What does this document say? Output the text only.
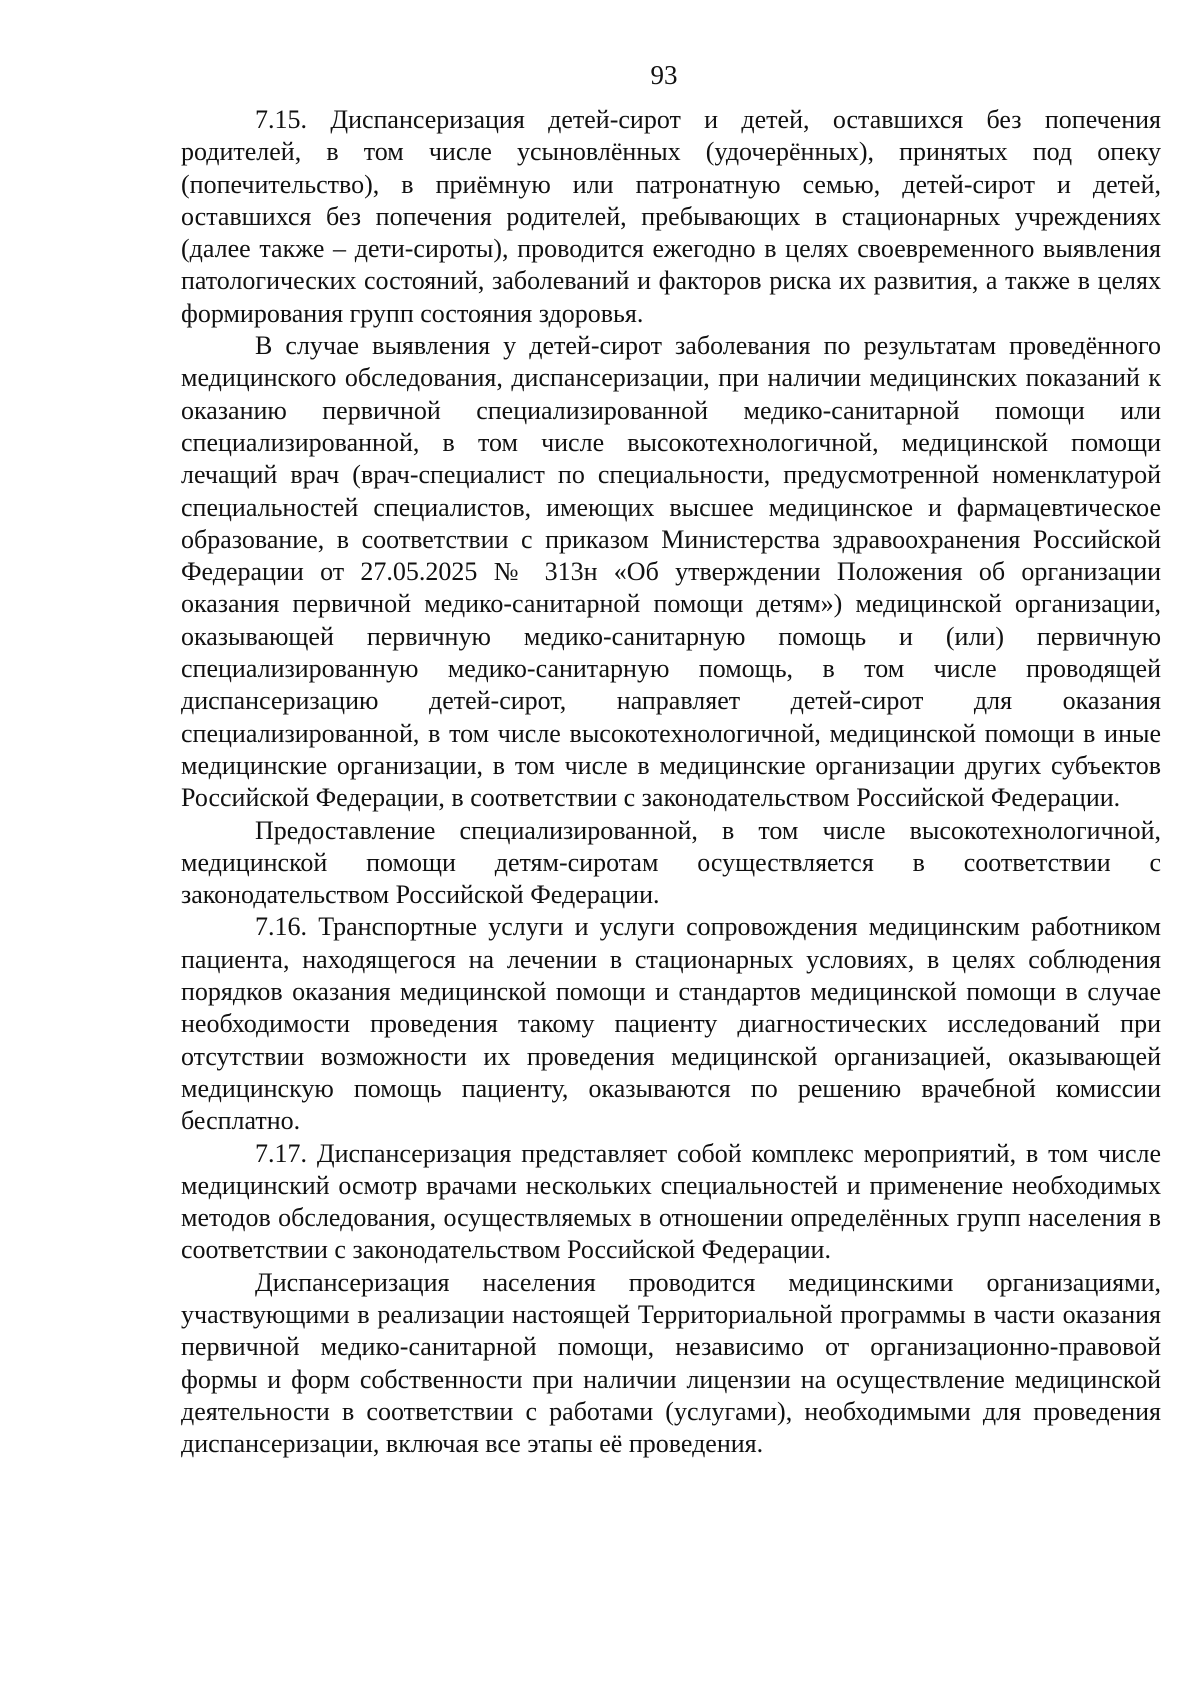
93

7.15. Диспансеризация детей-сирот и детей, оставшихся без попечения родителей, в том числе усыновлённых (удочерённых), принятых под опеку (попечительство), в приёмную или патронатную семью, детей-сирот и детей, оставшихся без попечения родителей, пребывающих в стационарных учреждениях (далее также – дети-сироты), проводится ежегодно в целях своевременного выявления патологических состояний, заболеваний и факторов риска их развития, а также в целях формирования групп состояния здоровья.

В случае выявления у детей-сирот заболевания по результатам проведённого медицинского обследования, диспансеризации, при наличии медицинских показаний к оказанию первичной специализированной медико-санитарной помощи или специализированной, в том числе высокотехнологичной, медицинской помощи лечащий врач (врач-специалист по специальности, предусмотренной номенклатурой специальностей специалистов, имеющих высшее медицинское и фармацевтическое образование, в соответствии с приказом Министерства здравоохранения Российской Федерации от 27.05.2025 № 313н «Об утверждении Положения об организации оказания первичной медико-санитарной помощи детям») медицинской организации, оказывающей первичную медико-санитарную помощь и (или) первичную специализированную медико-санитарную помощь, в том числе проводящей диспансеризацию детей-сирот, направляет детей-сирот для оказания специализированной, в том числе высокотехнологичной, медицинской помощи в иные медицинские организации, в том числе в медицинские организации других субъектов Российской Федерации, в соответствии с законодательством Российской Федерации.

Предоставление специализированной, в том числе высокотехнологичной, медицинской помощи детям-сиротам осуществляется в соответствии с законодательством Российской Федерации.

7.16. Транспортные услуги и услуги сопровождения медицинским работником пациента, находящегося на лечении в стационарных условиях, в целях соблюдения порядков оказания медицинской помощи и стандартов медицинской помощи в случае необходимости проведения такому пациенту диагностических исследований при отсутствии возможности их проведения медицинской организацией, оказывающей медицинскую помощь пациенту, оказываются по решению врачебной комиссии бесплатно.

7.17. Диспансеризация представляет собой комплекс мероприятий, в том числе медицинский осмотр врачами нескольких специальностей и применение необходимых методов обследования, осуществляемых в отношении определённых групп населения в соответствии с законодательством Российской Федерации.

Диспансеризация населения проводится медицинскими организациями, участвующими в реализации настоящей Территориальной программы в части оказания первичной медико-санитарной помощи, независимо от организационно-правовой формы и форм собственности при наличии лицензии на осуществление медицинской деятельности в соответствии с работами (услугами), необходимыми для проведения диспансеризации, включая все этапы её проведения.
